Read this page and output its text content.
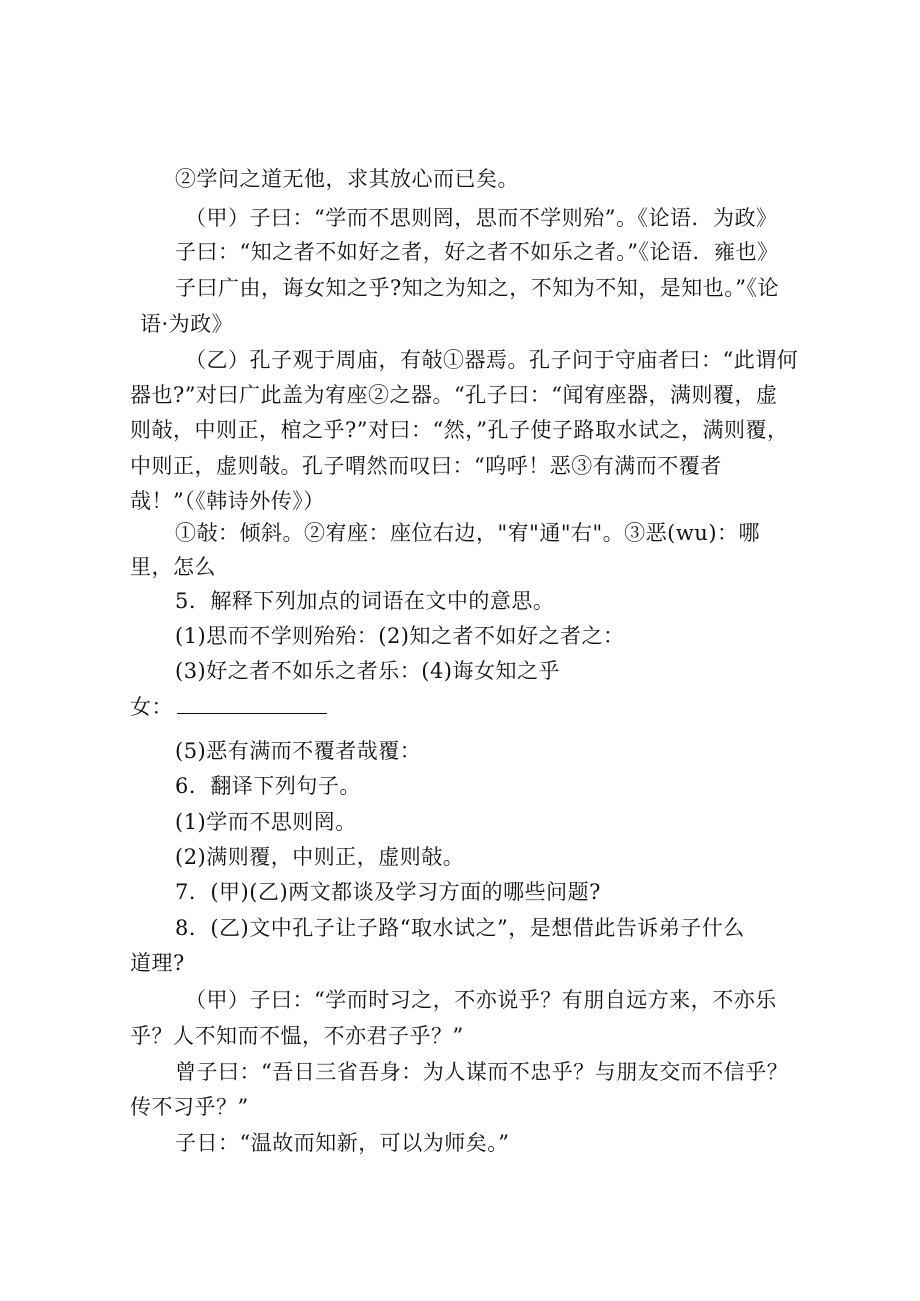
②学问之道无他，求其放心而已矣。
（甲）子曰：“学而不思则罔，思而不学则殆”。《论语．为政》
子曰：“知之者不如好之者，好之者不如乐之者。”《论语．雍也》
子曰广由，诲女知之乎?知之为知之，不知为不知，是知也。”《论
语·为政》
（乙）孔子观于周庙，有敧①器焉。孔子问于守庙者曰：“此谓何
器也?”对曰广此盖为宥座②之器。“孔子曰：“闻宥座器，满则覆，虚
则敧，中则正，棺之乎?”对曰：“然，”孔子使子路取水试之，满则覆，
中则正，虚则敧。孔子喟然而叹曰：“呜呼！恶③有满而不覆者
哉！”（《韩诗外传》）
①敧：倾斜。②宥座：座位右边，"宥"通"右"。③恶(wu)：哪
里，怎么
5．解释下列加点的词语在文中的意思。
(1)思而不学则殆殆：(2)知之者不如好之者之：
(3)好之者不如乐之者乐：(4)诲女知之乎
女：
(5)恶有满而不覆者哉覆：
6．翻译下列句子。
(1)学而不思则罔。
(2)满则覆，中则正，虚则敧。
7．(甲)(乙)两文都谈及学习方面的哪些问题?
8．(乙)文中孔子让子路“取水试之”，是想借此告诉弟子什么
道理?
（甲）子曰：“学而时习之，不亦说乎？有朋自远方来，不亦乐
乎？人不知而不愠，不亦君子乎？”
曾子曰：“吾日三省吾身：为人谋而不忠乎？与朋友交而不信乎？
传不习乎？”
子日：“温故而知新，可以为师矣。”
